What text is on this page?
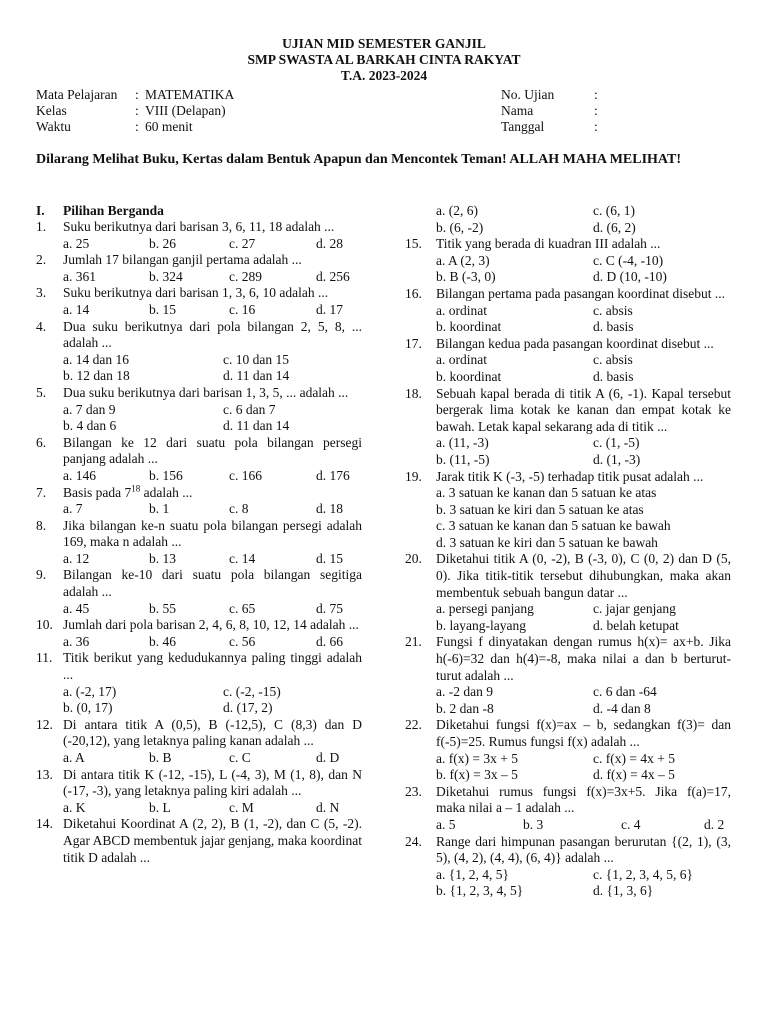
UJIAN MID SEMESTER GANJIL
SMP SWASTA AL BARKAH CINTA RAKYAT
T.A. 2023-2024
Mata Pelajaran : MATEMATIKA
Kelas	: VIII (Delapan)
Waktu	: 60 menit
No. Ujian	:
Nama	:
Tanggal	:
Dilarang Melihat Buku, Kertas dalam Bentuk Apapun dan Mencontek Teman! ALLAH MAHA MELIHAT!
I. Pilihan Berganda
1. Suku berikutnya dari barisan 3, 6, 11, 18 adalah ...
a. 25	b. 26	c. 27	d. 28
2. Jumlah 17 bilangan ganjil pertama adalah ...
a. 361	b. 324	c. 289	d. 256
3. Suku berikutnya dari barisan 1, 3, 6, 10 adalah ...
a. 14	b. 15	c. 16	d. 17
4. Dua suku berikutnya dari pola bilangan 2, 5, 8, ... adalah ...
a. 14 dan 16	c. 10 dan 15
b. 12 dan 18	d. 11 dan 14
5. Dua suku berikutnya dari barisan 1, 3, 5, ... adalah ...
a. 7 dan 9	c. 6 dan 7
b. 4 dan 6	d. 11 dan 14
6. Bilangan ke 12 dari suatu pola bilangan persegi panjang adalah ...
a. 146	b. 156	c. 166	d. 176
7. Basis pada $7^{18}$ adalah ...
a. 7	b. 1	c. 8	d. 18
8. Jika bilangan ke-n suatu pola bilangan persegi adalah 169, maka n adalah ...
a. 12	b. 13	c. 14	d. 15
9. Bilangan ke-10 dari suatu pola bilangan segitiga adalah ...
a. 45	b. 55	c. 65	d. 75
10. Jumlah dari pola barisan 2, 4, 6, 8, 10, 12, 14 adalah ...
a. 36	b. 46	c. 56	d. 66
11. Titik berikut yang kedudukannya paling tinggi adalah ...
a. (-2, 17)	c. (-2, -15)
b. (0, 17)	d. (17, 2)
12. Di antara titik A (0,5), B (-12,5), C (8,3) dan D (-20,12), yang letaknya paling kanan adalah ...
a. A	b. B	c. C	d. D
13. Di antara titik K (-12, -15), L (-4, 3), M (1, 8), dan N (-17, -3), yang letaknya paling kiri adalah ...
a. K	b. L	c. M	d. N
14. Diketahui Koordinat A (2, 2), B (1, -2), dan C (5, -2). Agar ABCD membentuk jajar genjang, maka koordinat titik D adalah ...
a. (2, 6)	c. (6, 1)
b. (6, -2)	d. (6, 2)
15. Titik yang berada di kuadran III adalah ...
a. A (2, 3)	c. C (-4, -10)
b. B (-3, 0)	d. D (10, -10)
16. Bilangan pertama pada pasangan koordinat disebut ...
a. ordinat	c. absis
b. koordinat	d. basis
17. Bilangan kedua pada pasangan koordinat disebut ...
a. ordinat	c. absis
b. koordinat	d. basis
18. Sebuah kapal berada di titik A (6, -1). Kapal tersebut bergerak lima kotak ke kanan dan empat kotak ke bawah. Letak kapal sekarang ada di titik ...
a. (11, -3)	c. (1, -5)
b. (11, -5)	d. (1, -3)
19. Jarak titik K (-3, -5) terhadap titik pusat adalah ...
a. 3 satuan ke kanan dan 5 satuan ke atas
b. 3 satuan ke kiri dan 5 satuan ke atas
c. 3 satuan ke kanan dan 5 satuan ke bawah
d. 3 satuan ke kiri dan 5 satuan ke bawah
20. Diketahui titik A (0, -2), B (-3, 0), C (0, 2) dan D (5, 0). Jika titik-titik tersebut dihubungkan, maka akan membentuk sebuah bangun datar ...
a. persegi panjang	c. jajar genjang
b. layang-layang	d. belah ketupat
21. Fungsi f dinyatakan dengan rumus h(x)= ax+b. Jika h(-6)=32 dan h(4)=-8, maka nilai a dan b berturut-turut adalah ...
a. -2 dan 9	c. 6 dan -64
b. 2 dan -8	d. -4 dan 8
22. Diketahui fungsi f(x)=ax – b, sedangkan f(3)= dan f(-5)=25. Rumus fungsi f(x) adalah ...
a. f(x) = 3x + 5	c. f(x) = 4x + 5
b. f(x) = 3x – 5	d. f(x) = 4x – 5
23. Diketahui rumus fungsi f(x)=3x+5. Jika f(a)=17, maka nilai a – 1 adalah ...
a. 5	b. 3	c. 4	d. 2
24. Range dari himpunan pasangan berurutan {(2, 1), (3, 5), (4, 2), (4, 4), (6, 4)} adalah ...
a. {1, 2, 4, 5}	c. {1, 2, 3, 4, 5, 6}
b. {1, 2, 3, 4, 5}	d. {1, 3, 6}
